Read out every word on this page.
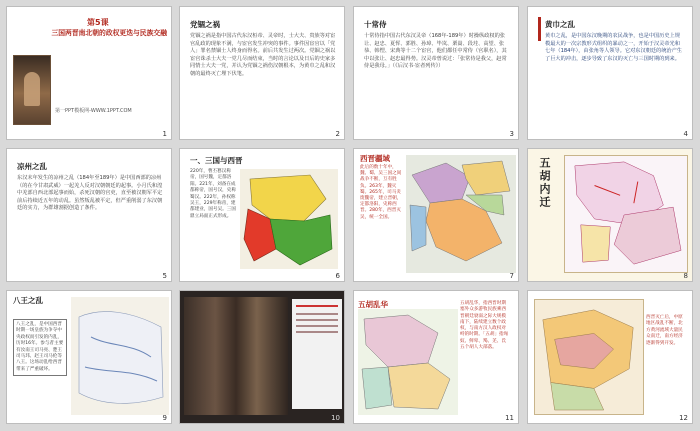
第5课
三国两晋南北朝的政权更迭与民族交融
第一PPT模板网-WWW.1PPT.COM
1
党锢之祸
党锢之祸是指中国古代东汉桓帝、灵帝时，士大夫、贵族等对宦官乱政的现象不满，与宦官发生冲突的事件。事件因宦官以「党人」罪名禁锢士人终身而得名。前后共发生过两次。党锢之祸以宦官诛杀士大夫一党几尽而结束，当时的言论以及日后的史家多同情士大夫一党，并认为党锢之祸伤汉朝根本，为黄巾之乱和汉朝的最终灭亡埋下伏笔。
2
十常侍
十常侍指中国古代东汉灵帝（168年-189年）时操纵政权的张让、赵忠、夏恽、郭胜、孙璋、毕岚、栗嵩、段珪、高望、张恭、韩悝、宋典等十二个宦官，他们都任中常侍（官职名），其中以张让、赵忠最得势。汉灵帝曾说过：「张常侍是我父，赵常侍是我母。」（《后汉书·宦者列传》）
3
黄巾之乱
黄巾之乱，是中国东汉晚期的农民战争，也是中国历史上规模最大的一次宗教形式组织的暴动之一，开始于汉灵帝光和七年（184年），由张角等人领导。它对东汉朝廷的统治产生了巨大的冲击，逐步导致了东汉的灭亡与三国时期的到来。
4
凉州之乱
东汉末年发生的凉州之乱（184年至189年）是中国西部的凉州（的在今甘肃武威）一起羌人反对汉朝朝廷的起事。小月氏和湟中羌部自西北部起事而始，杀死汉朝的官吏，直至被汉朝军平定前后持续近五年的动乱。虽然叛乱被平定，但严重削弱了东汉朝廷的实力，为群雄割据创造了条件。
5
一、三国与西晋
220年，曹丕篡汉称帝，国号魏，定都洛阳。221年，刘备在成都称帝，国号汉，史称蜀汉。222年，孙权称吴王，229年称帝，建都建业，国号吴。三国鼎立局面正式形成。
6
西晋疆域
此后的数十年中，魏、蜀、吴三国之间战争不断，互有胜负。263年，魏灭蜀。265年，司马炎废魏帝，建立晋朝，定都洛阳，史称西晋。280年，西晋灭吴，统一全国。
7
五胡内迁
8
八王之乱
八王之乱，是中国西晋时期一场皇族为争夺中央政权而引发的内乱，历时16年。参与者主要有汝南王司马亮、楚王司马玮、赵王司马伦等八王。这场动乱给西晋带来了严重破坏。
9	10
五胡乱华	五胡乱华，指西晋时期塞外众多游牧民族乘西晋朝廷衰弱之际大规模南下，陆续建立数个政权，与南方汉人政权对峙的时期。「五胡」指匈奴、鲜卑、羯、羌、氐五个胡人大部落。
11
西晋灭亡后，中原地区战乱不断，北方黄河流域大量民众南迁，南方经济逐渐得到开发。
12
